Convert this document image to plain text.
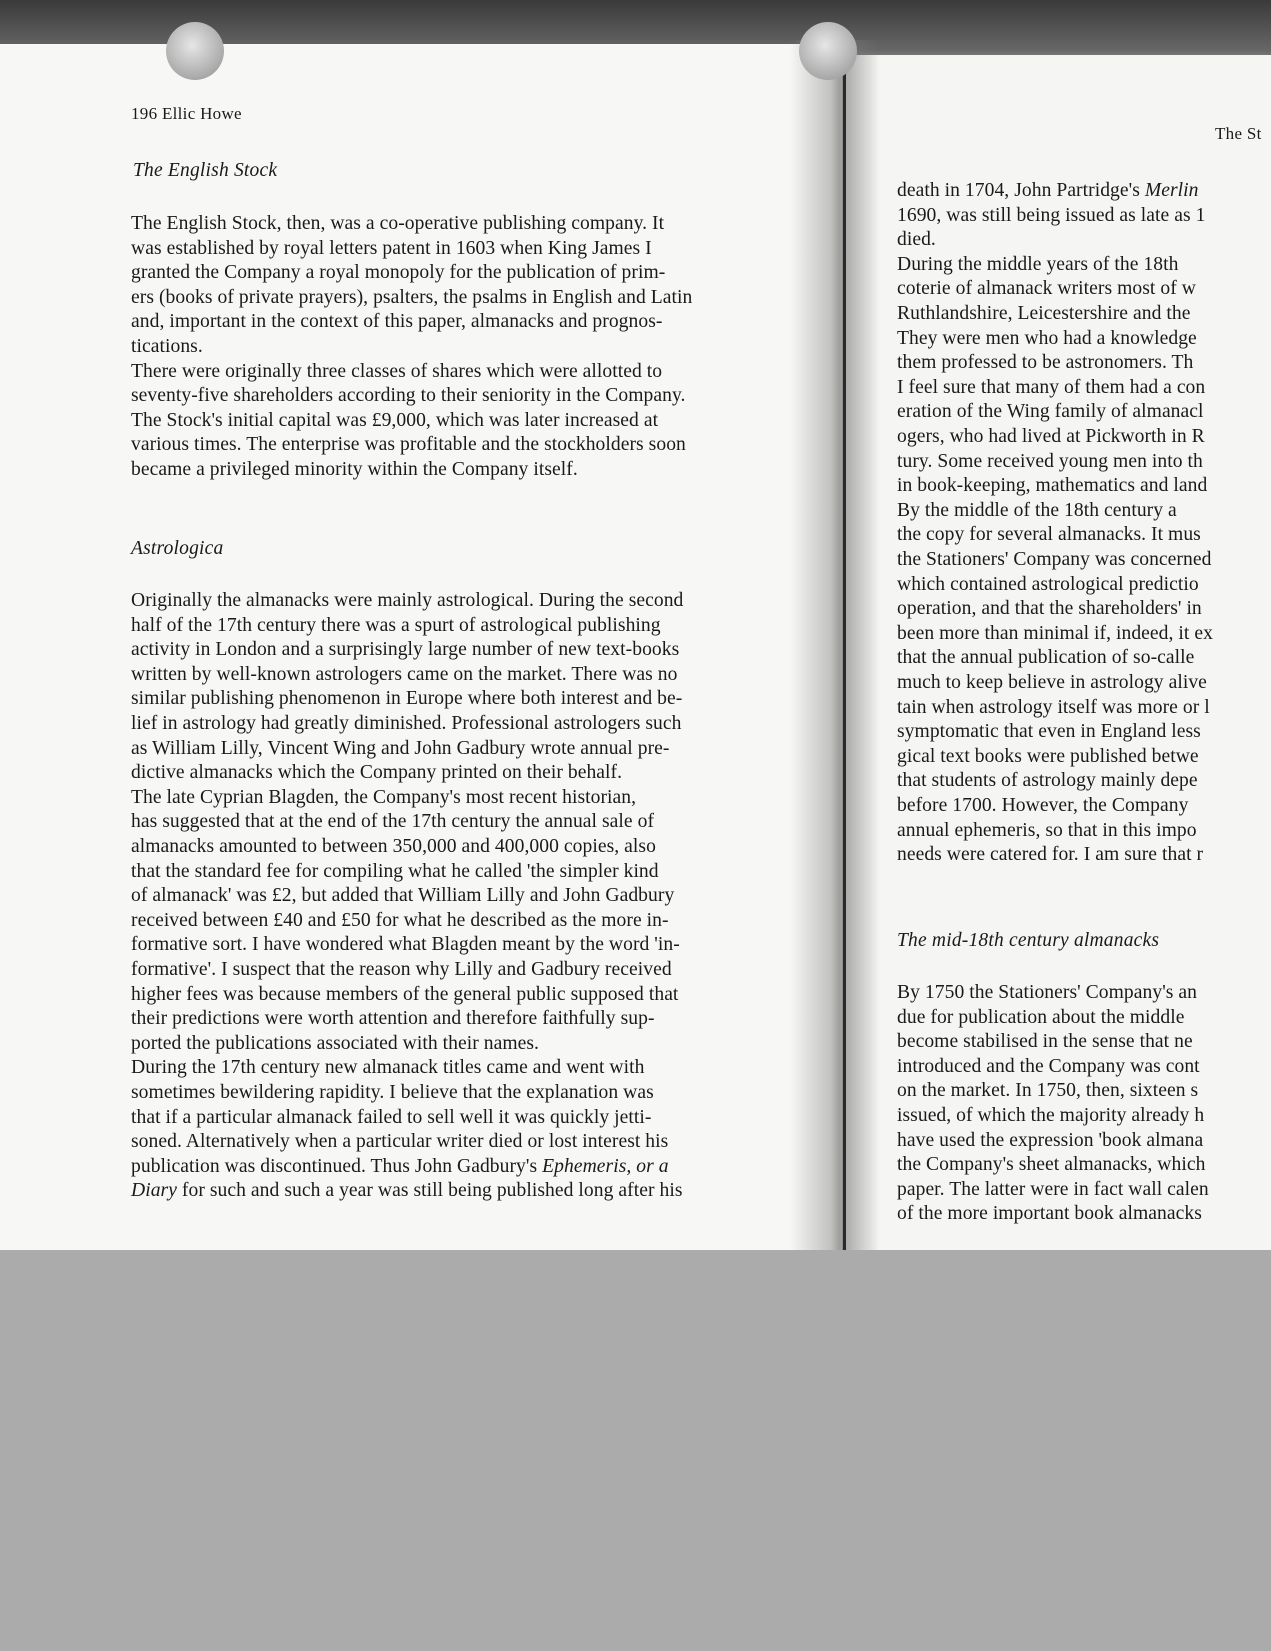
196 Ellic Howe
The English Stock
The English Stock, then, was a co-operative publishing company. It
was established by royal letters patent in 1603 when King James I
granted the Company a royal monopoly for the publication of prim-
ers (books of private prayers), psalters, the psalms in English and Latin
and, important in the context of this paper, almanacks and prognos-
tications.
There were originally three classes of shares which were allotted to
seventy-five shareholders according to their seniority in the Company.
The Stock's initial capital was £9,000, which was later increased at
various times. The enterprise was profitable and the stockholders soon
became a privileged minority within the Company itself.
Astrologica
Originally the almanacks were mainly astrological. During the second
half of the 17th century there was a spurt of astrological publishing
activity in London and a surprisingly large number of new text-books
written by well-known astrologers came on the market. There was no
similar publishing phenomenon in Europe where both interest and be-
lief in astrology had greatly diminished. Professional astrologers such
as William Lilly, Vincent Wing and John Gadbury wrote annual pre-
dictive almanacks which the Company printed on their behalf.
The late Cyprian Blagden, the Company's most recent historian,
has suggested that at the end of the 17th century the annual sale of
almanacks amounted to between 350,000 and 400,000 copies, also
that the standard fee for compiling what he called 'the simpler kind
of almanack' was £2, but added that William Lilly and John Gadbury
received between £40 and £50 for what he described as the more in-
formative sort. I have wondered what Blagden meant by the word 'in-
formative'. I suspect that the reason why Lilly and Gadbury received
higher fees was because members of the general public supposed that
their predictions were worth attention and therefore faithfully sup-
ported the publications associated with their names.
During the 17th century new almanack titles came and went with
sometimes bewildering rapidity. I believe that the explanation was
that if a particular almanack failed to sell well it was quickly jetti-
soned. Alternatively when a particular writer died or lost interest his
publication was discontinued. Thus John Gadbury's Ephemeris, or a
Diary for such and such a year was still being published long after his
The St
death in 1704, John Partridge's Merlin
1690, was still being issued as late as 1
died.
During the middle years of the 18th
coterie of almanack writers most of w
Ruthlandshire, Leicestershire and the
They were men who had a knowledge
them professed to be astronomers. Th
I feel sure that many of them had a con
eration of the Wing family of almanacl
ogers, who had lived at Pickworth in R
tury. Some received young men into th
in book-keeping, mathematics and land
By the middle of the 18th century a
the copy for several almanacks. It mus
the Stationers' Company was concerned
which contained astrological predictio
operation, and that the shareholders' in
been more than minimal if, indeed, it ex
that the annual publication of so-calle
much to keep believe in astrology alive
tain when astrology itself was more or l
symptomatic that even in England less
gical text books were published betwe
that students of astrology mainly depe
before 1700. However, the Company
annual ephemeris, so that in this impo
needs were catered for. I am sure that r
The mid-18th century almanacks
By 1750 the Stationers' Company's an
due for publication about the middle
become stabilised in the sense that ne
introduced and the Company was cont
on the market. In 1750, then, sixteen s
issued, of which the majority already h
have used the expression 'book almana
the Company's sheet almanacks, which
paper. The latter were in fact wall calen
of the more important book almanacks
